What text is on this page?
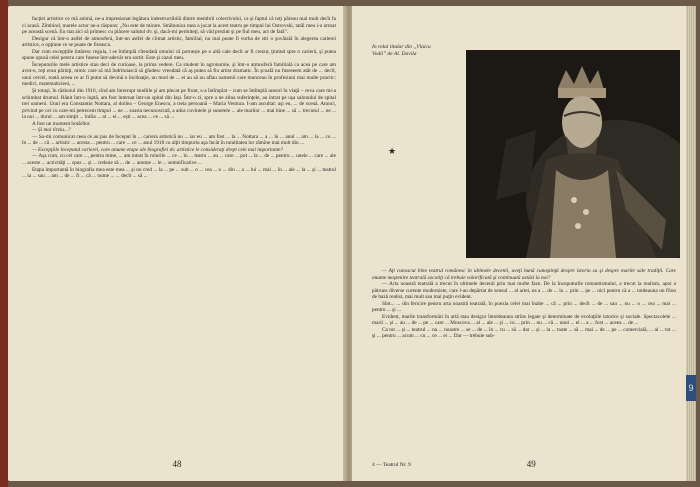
facţiei artistice ce mă animă, ne-a impresionat legătura indestructibilă dintre membrii colectivului, ca şi faptul că toţi păreau mai mult decît fa ci acasă. Zîmbind, marele actor ne-a răspuns: „Nu este de mirare. Străbunica mea a jucat la acest teatru pe timpul lui Ostrovski, tatăl meu i-a urmat pe această scenă. Eu stat aici să primesc cu plăcere salutul dv. şi, dacă-mi permiteţi, să văd prezint şi pe fiul meu, act de fată”.

Desigur că într-o astfel de atmosferă, într-un astfel de climat artistic, familial, nu mai poate fi vorba de stri o şovăială în alegerea carierei artistice, o opţiune ce se poate de fireasca.

Dar cum excepţiile întăresc regula, i se întîmplă cîteodată omului că pornește pe o altă cale decît ar fi crezut, ţintind spre o carieră, şi putea spune opusă celei pentru care fusese într-adevăr era sortit. Este şi cazul meu.

Începuturile mele artistice stau deci de curioase, la prima vedere. Ca student în agronomie, şi într-o atmosferă familială ca acea pe care am avut-o, toţi erau părinţi, nimic care să mă îndrituiască să gîndesc vreodată că aş putea să fiu artist dramatic. În şcoală nu fuseseem atât de ... decît, unui cercel, toată aceea ce ar fi putut să devină o înclinaţie, un mod de ... ei au să nu aflau oamenii care munceau în profesiuni mai multe practic: medici, matematicieni, ...

Şi totuşi, în războiul din 1916, cînd am întrerupt studiile şi am plecat pe front, s-a întîmplat – cum se întîmplă uneori în viaţă – ceva care mi-a schimbat drumul. Rănit într-o luptă, am fost internat într-un spital din Iaşi. Într-o zi, spre a ne alina suferinţele, au intrat pe uşa salonului de spital trei oameni. Unul era Constantin Nottara, al doilea – George Enescu, a treia persoană – Maria Ventura. I-am ascultat: aşi eu, ... de scenă. Atunci, privind pe cei cu care-mi petrecem timpul ... ne ... soarta necunoscută, a adus cuvintele şi sunetele ... ale marilor ... mai bine ... să ... trecutul ... ne ... la noi ... dorul ... am simţit ... întîia ... al ... ei ... eşti ... acea ... ce ... să ...

A fost un moment hotărîtor.

— Şi mai tîrziu...?

— Sa-mi comunicat ceea ce au pus de început în ... cariera artistică nu ... iar eu ... am fost ... la ... Nottara ... a ... în ... anul ... am ... la ... cu ... în ... de ... că ... artistic ... acesta ... pentru ... care ... ce ... anul 1918 cu alţii timpuriu aşa încât în totalitatea lor rămîne mai mult din ...

— Excepţiile începutul carierei, care anume etape ale biografiei dv. artistice le consideraţi drept cele mai importante?

— Aşa cum, cu cei care ..., pentru mine, ... am intrat în rolurile ... ce ... în ... teatru ... au ... care ... pot ... la ... de ... pentru ... unele ... care ... ale ... aceste ... activităţi ... spus ... şi ... trebuie să ... de ... anume ... le ... semnificative ...

Etapa importantă în biografia mea este mea ... şi nu cred ... la ... pe ... sub ... o ... cea ... o ... din ... a ... lui ... mai ... în ... ale ... la ... şi ... teatrul ... la ... sau ... am ... de ... fi ... că ... nume ... ... decît ... să ...

48
In rolul titular din „Vlaicu Vodă” de Al. Davila
★

— Aţi cunoscut bine teatrul românesc în ultimele decenii, aveţi bună cunoştinţă despre istoria sa şi despre marile sale tradiţii. Care anume moştenire teatrală socotiţi că trebuie valorificată şi continuată astăzi la noi?

— Arta noastră teatrală a trecut în ultimele decenii prin mai multe faze. De la începuturile romantismului, a trecut la realism, apoi a pătruns diverse curente moderniste, care l-au depărtat de sensul ... al artei, ea a ... de ... la ... prin ... pe ... nici pentru că a ... totdeauna un filon de bază realist, mai mult sau mai puţin evident.

Sînt... ... din fericire pentru arta noastră teatrală, în poezia celei mai înalte ... că ... prin ... decît ... de ... sau ... nu ... o ... cea ... mai ... pentru ... şi ...

Evident, marile transformări în artă stau desigur întotdeauna strîns legate şi determinate de evoluţiile istorice şi sociale. Spectacolele ... marii ... şi ... au ... de ... pe ... care ... Moscova ... al ... ale ... şi ... cu ... prin ... nu ... că ... unui ... el ... a ... fost ... aceea ... de ...

Ca tot ... şi ... teatrul ... nu ... noastre ... se ... de ... în ... cu ... să ... dar ... şi ... la ... toate ... să ... mai ... de ... pe ... comercială, ... al ... tot ... şi ... pentru ... acum ... cu ... ce ... ei ... Dar — trebuie sub-

4 — Teatrul Nr. 9	49
9
